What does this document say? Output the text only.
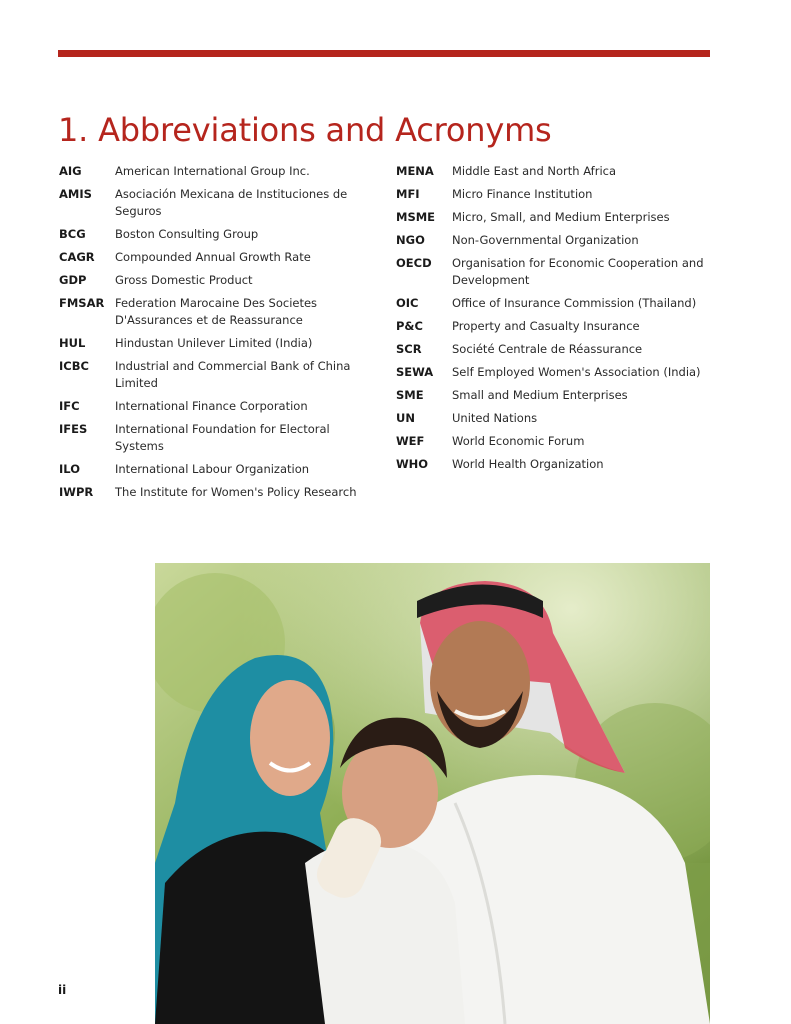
1. Abbreviations and Acronyms
AIG	American International Group Inc.
AMIS	Asociación Mexicana de Instituciones de Seguros
BCG	Boston Consulting Group
CAGR	Compounded Annual Growth Rate
GDP	Gross Domestic Product
FMSAR Federation Marocaine Des Societes D'Assurances et de Reassurance
HUL	Hindustan Unilever Limited (India)
ICBC	Industrial and Commercial Bank of China Limited
IFC	International Finance Corporation
IFES	International Foundation for Electoral Systems
ILO	International Labour Organization
IWPR	The Institute for Women's Policy Research
MENA	Middle East and North Africa
MFI	Micro Finance Institution
MSME	Micro, Small, and Medium Enterprises
NGO	Non-Governmental Organization
OECD	Organisation for Economic Cooperation and Development
OIC	Office of Insurance Commission (Thailand)
P&C	Property and Casualty Insurance
SCR	Société Centrale de Réassurance
SEWA	Self Employed Women's Association (India)
SME	Small and Medium Enterprises
UN	United Nations
WEF	World Economic Forum
WHO	World Health Organization
ii
